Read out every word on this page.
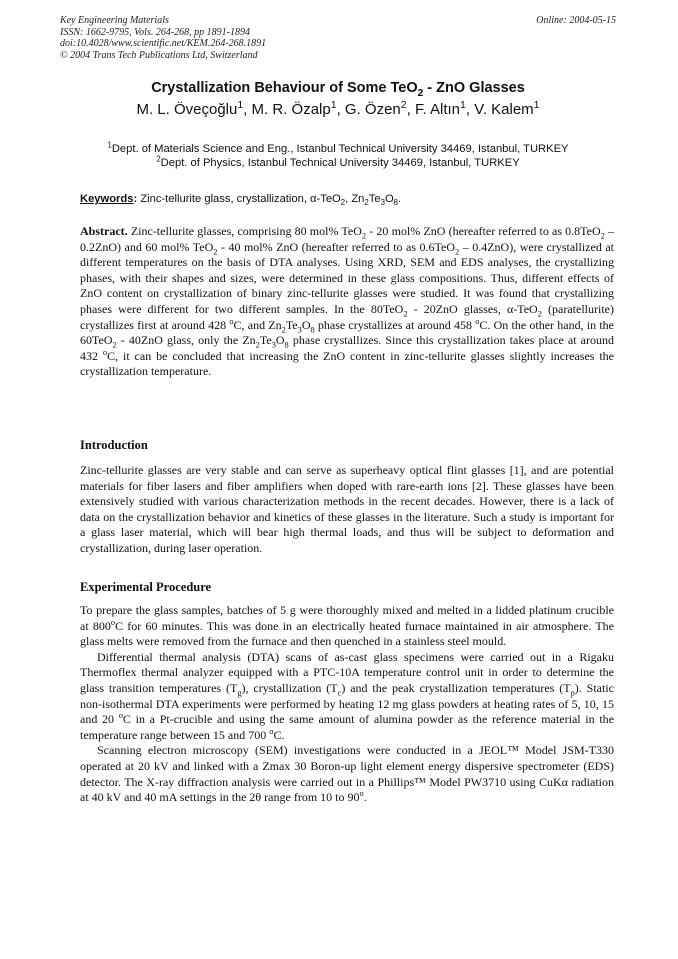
Key Engineering Materials
ISSN: 1662-9795, Vols. 264-268, pp 1891-1894
doi:10.4028/www.scientific.net/KEM.264-268.1891
© 2004 Trans Tech Publications Ltd, Switzerland
Online: 2004-05-15
Crystallization Behaviour of Some TeO$_2$ - ZnO Glasses
M. L. Öveçoğlu$^1$, M. R. Özalp$^1$, G. Özen$^2$, F. Altın$^1$, V. Kalem$^1$
$^1$Dept. of Materials Science and Eng., Istanbul Technical University 34469, Istanbul, TURKEY
$^2$Dept. of Physics, Istanbul Technical University 34469, Istanbul, TURKEY
Keywords: Zinc-tellurite glass, crystallization, α-TeO$_2$, $Zn_2Te_3O_8$.
Abstract. Zinc-tellurite glasses, comprising 80 mol% TeO$_2$ - 20 mol% ZnO (hereafter referred to as 0.8TeO$_2$ – 0.2ZnO) and 60 mol% TeO$_2$ - 40 mol% ZnO (hereafter referred to as 0.6TeO$_2$ – 0.4ZnO), were crystallized at different temperatures on the basis of DTA analyses. Using XRD, SEM and EDS analyses, the crystallizing phases, with their shapes and sizes, were determined in these glass compositions. Thus, different effects of ZnO content on crystallization of binary zinc-tellurite glasses were studied. It was found that crystallizing phases were different for two different samples. In the 80TeO$_2$ - 20ZnO glasses, α-TeO$_2$ (paratellurite) crystallizes first at around 428 $^o$C, and $Zn_2Te_3O_8$ phase crystallizes at around 458 $^o$C. On the other hand, in the 60TeO$_2$ - 40ZnO glass, only the $Zn_2Te_3O_8$ phase crystallizes. Since this crystallization takes place at around 432 $^o$C, it can be concluded that increasing the ZnO content in zinc-tellurite glasses slightly increases the crystallization temperature.
Introduction
Zinc-tellurite glasses are very stable and can serve as superheavy optical flint glasses [1], and are potential materials for fiber lasers and fiber amplifiers when doped with rare-earth ions [2]. These glasses have been extensively studied with various characterization methods in the recent decades. However, there is a lack of data on the crystallization behavior and kinetics of these glasses in the literature. Such a study is important for a glass laser material, which will bear high thermal loads, and thus will be subject to deformation and crystallization, during laser operation.
Experimental Procedure

To prepare the glass samples, batches of 5 g were thoroughly mixed and melted in a lidded platinum crucible at 800$^o$C for 60 minutes. This was done in an electrically heated furnace maintained in air atmosphere. The glass melts were removed from the furnace and then quenched in a stainless steel mould.

Differential thermal analysis (DTA) scans of as-cast glass specimens were carried out in a Rigaku Thermoflex thermal analyzer equipped with a PTC-10A temperature control unit in order to determine the glass transition temperatures $(T_g)$, crystallization $(T_c)$ and the peak crystallization temperatures $(T_p)$. Static non-isothermal DTA experiments were performed by heating 12 mg glass powders at heating rates of 5, 10, 15 and 20 $^o$C in a Pt-crucible and using the same amount of alumina powder as the reference material in the temperature range between 15 and 700 $^o$C.

Scanning electron microscopy (SEM) investigations were conducted in a JEOL™ Model JSM-T330 operated at 20 kV and linked with a Zmax 30 Boron-up light element energy dispersive spectrometer (EDS) detector. The X-ray diffraction analysis were carried out in a Phillips™ Model PW3710 using CuKα radiation at 40 kV and 40 mA settings in the 2θ range from 10 to 90$^o$.
